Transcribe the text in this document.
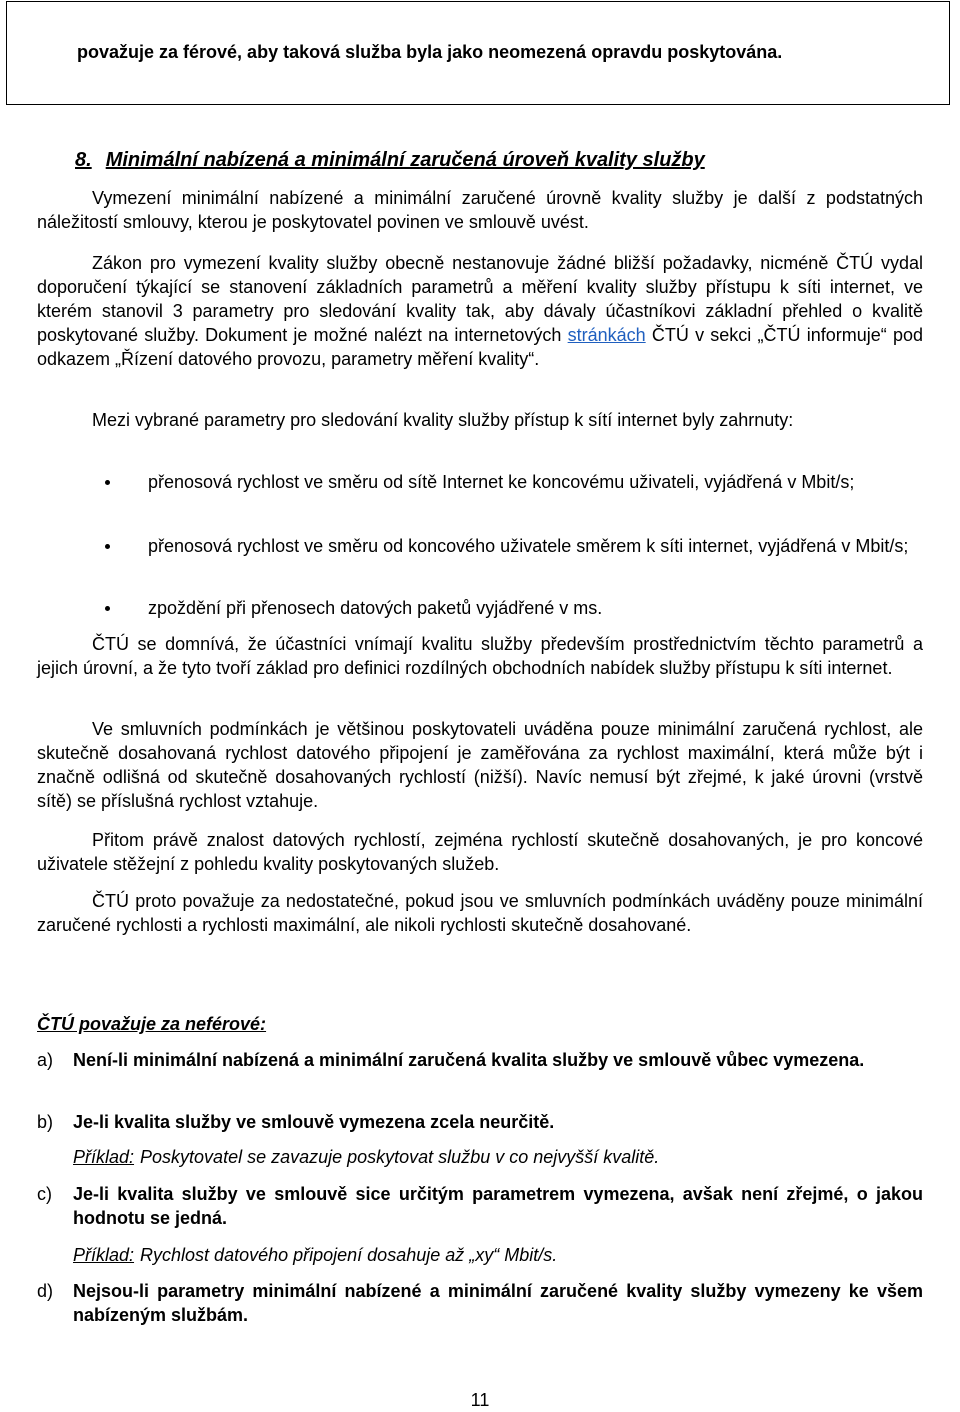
považuje za férové, aby taková služba byla jako neomezená opravdu poskytována.

8. Minimální nabízená a minimální zaručená úroveň kvality služby

Vymezení minimální nabízené a minimální zaručené úrovně kvality služby je další z podstatných náležitostí smlouvy, kterou je poskytovatel povinen ve smlouvě uvést.

Zákon pro vymezení kvality služby obecně nestanovuje žádné bližší požadavky, nicméně ČTÚ vydal doporučení týkající se stanovení základních parametrů a měření kvality služby přístupu k síti internet, ve kterém stanovil 3 parametry pro sledování kvality tak, aby dávaly účastníkovi základní přehled o kvalitě poskytované služby. Dokument je možné nalézt na internetových stránkách ČTÚ v sekci „ČTÚ informuje“ pod odkazem „Řízení datového provozu, parametry měření kvality“.

Mezi vybrané parametry pro sledování kvality služby přístup k sítí internet byly zahrnuty:

přenosová rychlost ve směru od sítě Internet ke koncovému uživateli, vyjádřená v Mbit/s;

přenosová rychlost ve směru od koncového uživatele směrem k síti internet, vyjádřená v Mbit/s;

zpoždění při přenosech datových paketů vyjádřené v ms.

ČTÚ se domnívá, že účastníci vnímají kvalitu služby především prostřednictvím těchto parametrů a jejich úrovní, a že tyto tvoří základ pro definici rozdílných obchodních nabídek služby přístupu k síti internet.

Ve smluvních podmínkách je většinou poskytovateli uváděna pouze minimální zaručená rychlost, ale skutečně dosahovaná rychlost datového připojení je zaměřována za rychlost maximální, která může být i značně odlišná od skutečně dosahovaných rychlostí (nižší). Navíc nemusí být zřejmé, k jaké úrovni (vrstvě sítě) se příslušná rychlost vztahuje.

Přitom právě znalost datových rychlostí, zejména rychlostí skutečně dosahovaných, je pro koncové uživatele stěžejní z pohledu kvality poskytovaných služeb.

ČTÚ proto považuje za nedostatečné, pokud jsou ve smluvních podmínkách uváděny pouze minimální zaručené rychlosti a rychlosti maximální, ale nikoli rychlosti skutečně dosahované.

ČTÚ považuje za neférové:

a) Není-li minimální nabízená a minimální zaručená kvalita služby ve smlouvě vůbec vymezena.

b) Je-li kvalita služby ve smlouvě vymezena zcela neurčitě.

Příklad: Poskytovatel se zavazuje poskytovat službu v co nejvyšší kvalitě.

c) Je-li kvalita služby ve smlouvě sice určitým parametrem vymezena, avšak není zřejmé, o jakou hodnotu se jedná.

Příklad: Rychlost datového připojení dosahuje až „xy“ Mbit/s.

d) Nejsou-li parametry minimální nabízené a minimální zaručené kvality služby vymezeny ke všem nabízeným službám.

11
